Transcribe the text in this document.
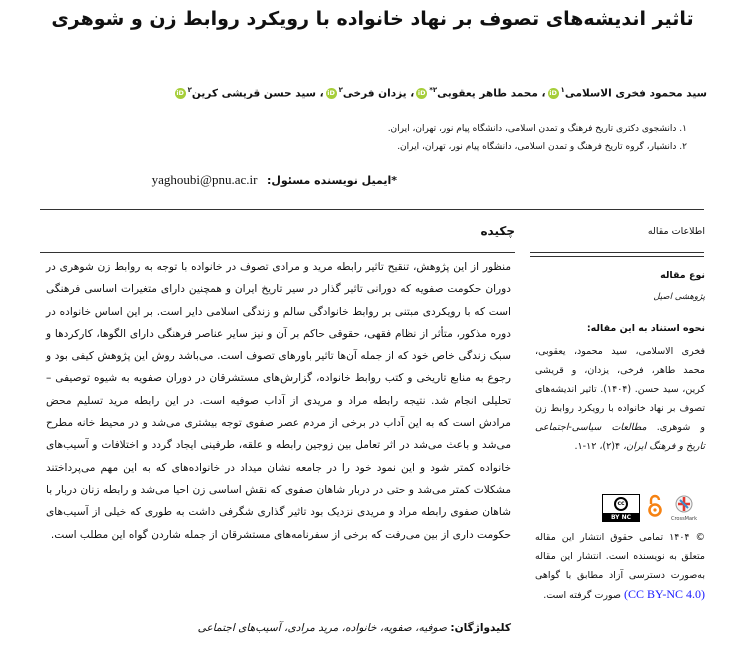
تاثیر اندیشه‌های تصوف بر نهاد خانواده با رویکرد روابط زن و شوهری
سید محمود فخری الاسلامی$^۱$iD، محمد طاهر یعقوبی$^{۲*}$iD، یزدان فرخی$^۲$iD، سید حسن قریشی کرین$^۲$iD
۱. دانشجوی دکتری تاریخ فرهنگ و تمدن اسلامی، دانشگاه پیام نور، تهران، ایران.
۲. دانشیار، گروه تاریخ فرهنگ و تمدن اسلامی، دانشگاه پیام نور، تهران، ایران.
*ایمیل نویسنده مسئول: yaghoubi@pnu.ac.ir
چکیده	اطلاعات مقاله
منظور از این پژوهش، تنقیح تاثیر رابطه مرید و مرادی تصوف در خانواده با توجه به روابط زن شوهری در دوران حکومت صفویه که دورانی تاثیر گذار در سیر تاریخ ایران و همچنین دارای متغیرات اساسی فرهنگی است که با رویکردی مبتنی بر روابط خانوادگی سالم و زندگی اسلامی دایر است. بر این اساس خانواده در دوره مذکور، متأثر از نظام فقهی، حقوقی حاکم بر آن و نیز سایر عناصر فرهنگی دارای الگوها، کارکردها و سبک زندگی خاص خود که از جمله آن‌ها تاثیر باورهای تصوف است. می‌باشد روش این پژوهش کیفی بود و رجوع به منابع تاریخی و کتب روابط خانواده، گزارش‌های مستشرقان در دوران صفویه به شیوه توصیفی – تحلیلی انجام شد. نتیجه رابطه مراد و مریدی از آداب صوفیه است. در این رابطه مرید تسلیم محض مرادش است که به این آداب در برخی از مردم عصر صفوی توجه بیشتری می‌شد و در محیط خانه مطرح می‌شد و باعث می‌شد در اثر تعامل بین زوجین رابطه و علقه، طرفینی ایجاد گردد و اختلافات و آسیب‌های خانواده کمتر شود و این نمود خود را در جامعه نشان میداد در خانواده‌های که به این مهم می‌پرداختند مشکلات کمتر می‌شد و حتی در دربار شاهان صفوی که نقش اساسی زن احیا می‌شد و رابطه زنان دربار با شاهان صفوی رابطه مراد و مریدی نزدیک بود تاثیر گذاری شگرفی داشت به طوری که خیلی از آسیب‌های حکومت داری از بین می‌رفت که برخی از سفرنامه‌های مستشرقان از جمله شاردن گواه این مطلب است.
کلیدواژگان: صوفیه، صفویه، خانواده، مرید مرادی، آسیب‌های اجتماعی
نوع مقاله
پژوهشی اصیل
نحوه استناد به این مقاله:
فخری الاسلامی، سید محمود، یعقوبی، محمد طاهر، فرخی، یزدان، و قریشی کرین، سید حسن. (۱۴۰۴). تاثیر اندیشه‌های تصوف بر نهاد خانواده با رویکرد روابط زن و شوهری. مطالعات سیاسی-اجتماعی تاریخ و فرهنگ ایران، ۴(۲)، ۱۲-۱.
cc
BY NC	CrossMark
© ۱۴۰۴ تمامی حقوق انتشار این مقاله متعلق به نویسنده است. انتشار این مقاله به‌صورت دسترسی آزاد مطابق با گواهی (CC BY-NC 4.0) صورت گرفته است.
